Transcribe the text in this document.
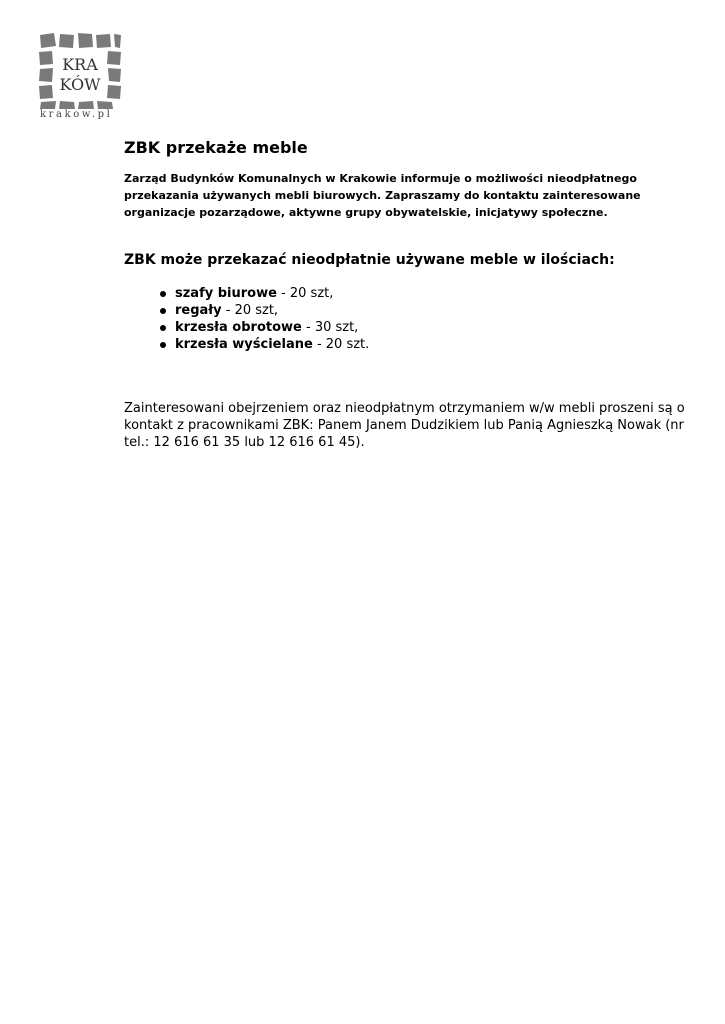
KRA
KÓW
krakow.pl
ZBK przekaże meble

Zarząd Budynków Komunalnych w Krakowie informuje o możliwości nieodpłatnego
przekazania używanych mebli biurowych. Zapraszamy do kontaktu zainteresowane
organizacje pozarządowe, aktywne grupy obywatelskie, inicjatywy społeczne.

ZBK może przekazać nieodpłatnie używane meble w ilościach:
szafy biurowe - 20 szt,
regały - 20 szt,
krzesła obrotowe - 30 szt,
krzesła wyścielane - 20 szt.

Zainteresowani obejrzeniem oraz nieodpłatnym otrzymaniem w/w mebli proszeni są o
kontakt z pracownikami ZBK: Panem Janem Dudzikiem lub Panią Agnieszką Nowak (nr
tel.: 12 616 61 35 lub 12 616 61 45).
